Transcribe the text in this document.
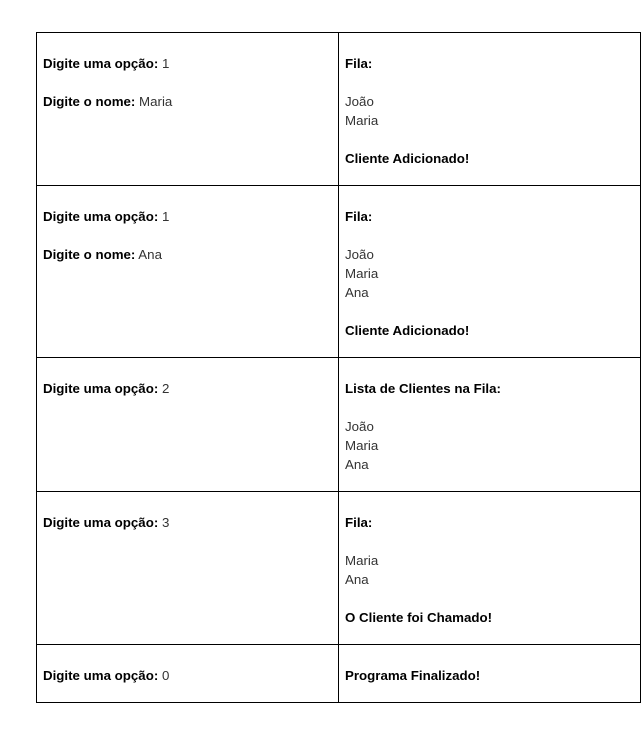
Digite uma opção: 1
Digite o nome: Maria	Fila:
João
Maria
Cliente Adicionado!

Digite uma opção: 1
Digite o nome: Ana	Fila:
João
Maria
Ana
Cliente Adicionado!

Digite uma opção: 2	Lista de Clientes na Fila:
João
Maria
Ana

Digite uma opção: 3	Fila:
Maria
Ana
O Cliente foi Chamado!

Digite uma opção: 0	Programa Finalizado!
